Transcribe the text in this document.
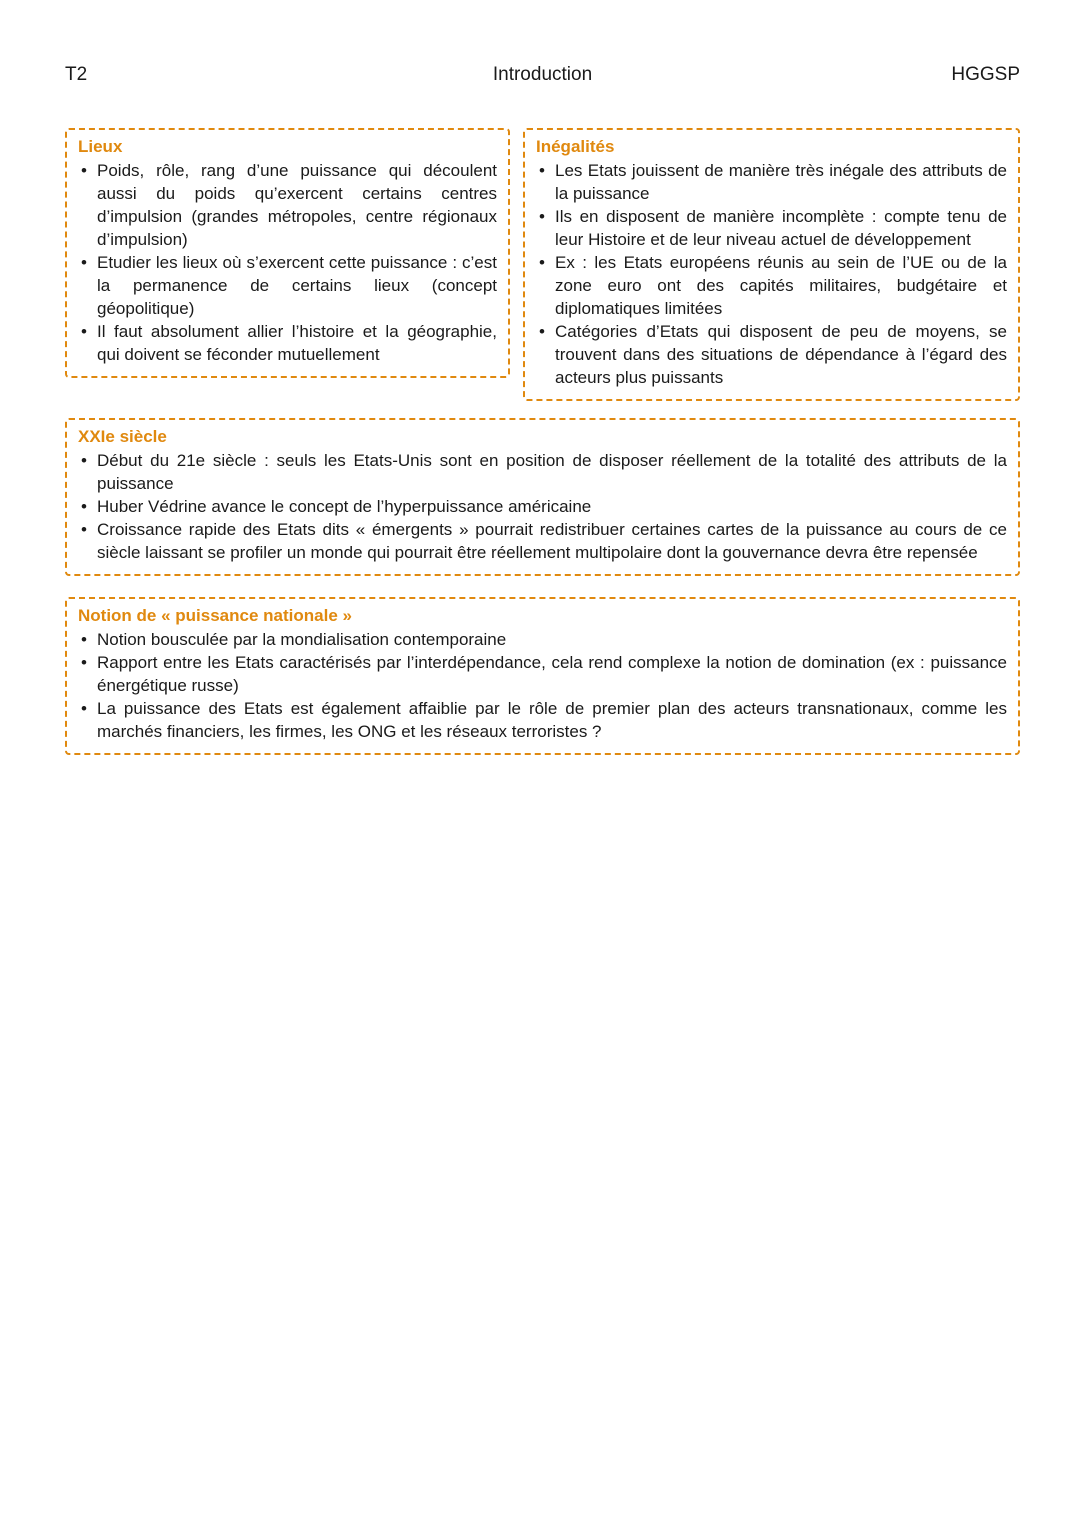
T2	Introduction	HGGSP
Lieux
• Poids, rôle, rang d’une puissance qui découlent aussi du poids qu’exercent certains centres d’impulsion (grandes métropoles, centre régionaux d’impulsion)
• Etudier les lieux où s’exercent cette puissance : c’est la permanence de certains lieux (concept géopolitique)
• Il faut absolument allier l’histoire et la géographie, qui doivent se féconder mutuellement
Inégalités
• Les Etats jouissent de manière très inégale des attributs de la puissance
• Ils en disposent de manière incomplète : compte tenu de leur Histoire et de leur niveau actuel de développement
• Ex : les Etats européens réunis au sein de l’UE ou de la zone euro ont des capités militaires, budgétaire et diplomatiques limitées
• Catégories d’Etats qui disposent de peu de moyens, se trouvent dans des situations de dépendance à l’égard des acteurs plus puissants
XXIe siècle
• Début du 21e siècle : seuls les Etats-Unis sont en position de disposer réellement de la totalité des attributs de la puissance
• Huber Védrine avance le concept de l’hyperpuissance américaine
• Croissance rapide des Etats dits « émergents » pourrait redistribuer certaines cartes de la puissance au cours de ce siècle laissant se profiler un monde qui pourrait être réellement multipolaire dont la gouvernance devra être repensée
Notion de « puissance nationale »
• Notion bousculée par la mondialisation contemporaine
• Rapport entre les Etats caractérisés par l’interdépendance, cela rend complexe la notion de domination (ex : puissance énergétique russe)
• La puissance des Etats est également affaiblie par le rôle de premier plan des acteurs transnationaux, comme les marchés financiers, les firmes, les ONG et les réseaux terroristes ?
